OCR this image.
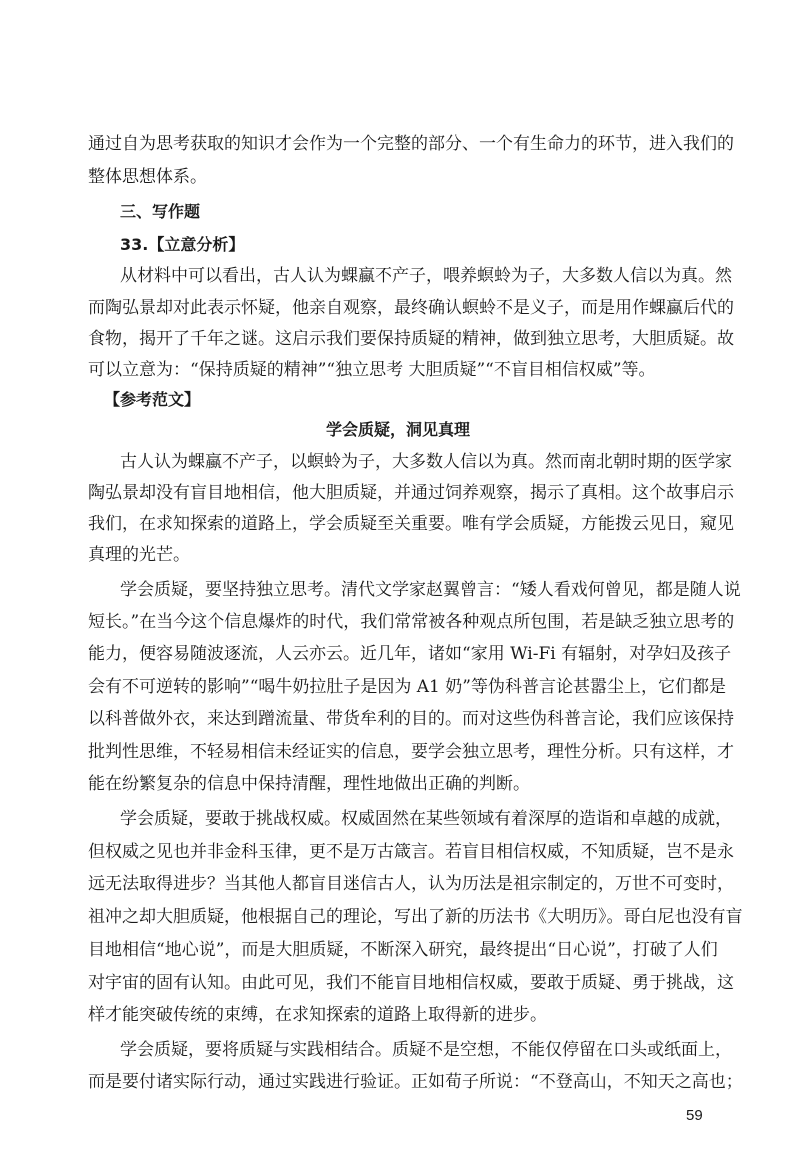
通过自为思考获取的知识才会作为一个完整的部分、一个有生命力的环节，进入我们的

整体思想体系。

三、写作题

33.【立意分析】

从材料中可以看出，古人认为蜾蠃不产子，喂养螟蛉为子，大多数人信以为真。然

而陶弘景却对此表示怀疑，他亲自观察，最终确认螟蛉不是义子，而是用作蜾蠃后代的

食物，揭开了千年之谜。这启示我们要保持质疑的精神，做到独立思考，大胆质疑。故

可以立意为：“保持质疑的精神”“独立思考 大胆质疑”“不盲目相信权威”等。

【参考范文】

学会质疑，洞见真理

古人认为蜾蠃不产子，以螟蛉为子，大多数人信以为真。然而南北朝时期的医学家

陶弘景却没有盲目地相信，他大胆质疑，并通过饲养观察，揭示了真相。这个故事启示

我们，在求知探索的道路上，学会质疑至关重要。唯有学会质疑，方能拨云见日，窥见

真理的光芒。

学会质疑，要坚持独立思考。清代文学家赵翼曾言：“矮人看戏何曾见，都是随人说

短长。”在当今这个信息爆炸的时代，我们常常被各种观点所包围，若是缺乏独立思考的

能力，便容易随波逐流，人云亦云。近几年，诸如“家用 Wi-Fi 有辐射，对孕妇及孩子

会有不可逆转的影响”“喝牛奶拉肚子是因为 A1 奶”等伪科普言论甚嚣尘上，它们都是

以科普做外衣，来达到蹭流量、带货牟利的目的。而对这些伪科普言论，我们应该保持

批判性思维，不轻易相信未经证实的信息，要学会独立思考，理性分析。只有这样，才

能在纷繁复杂的信息中保持清醒，理性地做出正确的判断。

学会质疑，要敢于挑战权威。权威固然在某些领域有着深厚的造诣和卓越的成就，

但权威之见也并非金科玉律，更不是万古箴言。若盲目相信权威，不知质疑，岂不是永

远无法取得进步？当其他人都盲目迷信古人，认为历法是祖宗制定的，万世不可变时，

祖冲之却大胆质疑，他根据自己的理论，写出了新的历法书《大明历》。哥白尼也没有盲

目地相信“地心说”，而是大胆质疑，不断深入研究，最终提出“日心说”，打破了人们

对宇宙的固有认知。由此可见，我们不能盲目地相信权威，要敢于质疑、勇于挑战，这

样才能突破传统的束缚，在求知探索的道路上取得新的进步。

学会质疑，要将质疑与实践相结合。质疑不是空想，不能仅停留在口头或纸面上，

而是要付诸实际行动，通过实践进行验证。正如荀子所说：“不登高山，不知天之高也；

59
